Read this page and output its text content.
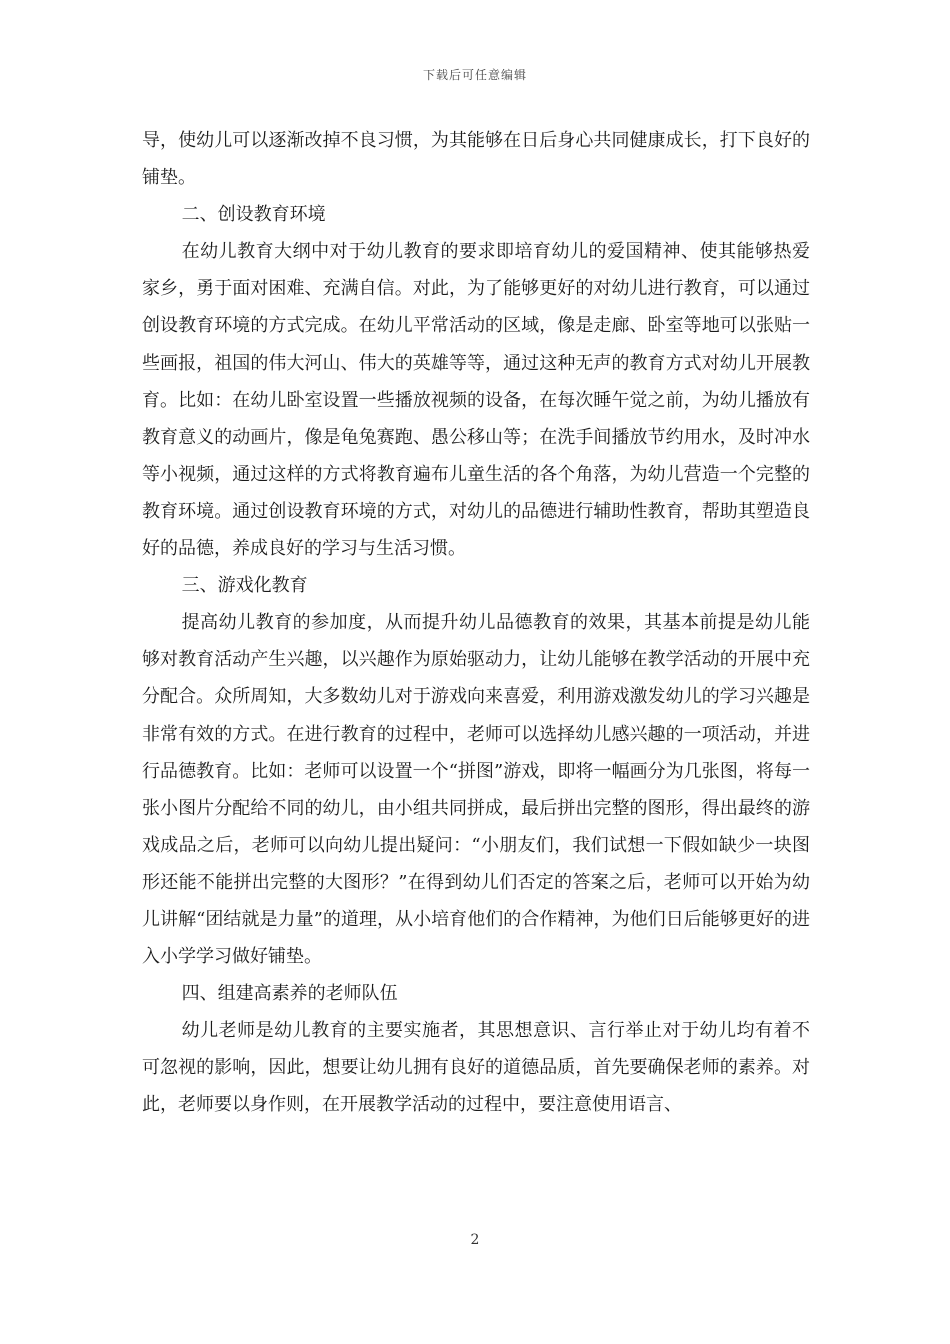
下载后可任意编辑

导，使幼儿可以逐渐改掉不良习惯，为其能够在日后身心共同健康成长，打下良好的铺垫。

二、创设教育环境

在幼儿教育大纲中对于幼儿教育的要求即培育幼儿的爱国精神、使其能够热爱家乡，勇于面对困难、充满自信。对此，为了能够更好的对幼儿进行教育，可以通过创设教育环境的方式完成。在幼儿平常活动的区域，像是走廊、卧室等地可以张贴一些画报，祖国的伟大河山、伟大的英雄等等，通过这种无声的教育方式对幼儿开展教育。比如：在幼儿卧室设置一些播放视频的设备，在每次睡午觉之前，为幼儿播放有教育意义的动画片，像是龟兔赛跑、愚公移山等；在洗手间播放节约用水，及时冲水等小视频，通过这样的方式将教育遍布儿童生活的各个角落，为幼儿营造一个完整的教育环境。通过创设教育环境的方式，对幼儿的品德进行辅助性教育，帮助其塑造良好的品德，养成良好的学习与生活习惯。

三、游戏化教育

提高幼儿教育的参加度，从而提升幼儿品德教育的效果，其基本前提是幼儿能够对教育活动产生兴趣，以兴趣作为原始驱动力，让幼儿能够在教学活动的开展中充分配合。众所周知，大多数幼儿对于游戏向来喜爱，利用游戏激发幼儿的学习兴趣是非常有效的方式。在进行教育的过程中，老师可以选择幼儿感兴趣的一项活动，并进行品德教育。比如：老师可以设置一个“拼图”游戏，即将一幅画分为几张图，将每一张小图片分配给不同的幼儿，由小组共同拼成，最后拼出完整的图形，得出最终的游戏成品之后，老师可以向幼儿提出疑问：“小朋友们，我们试想一下假如缺少一块图形还能不能拼出完整的大图形？”在得到幼儿们否定的答案之后，老师可以开始为幼儿讲解“团结就是力量”的道理，从小培育他们的合作精神，为他们日后能够更好的进入小学学习做好铺垫。

四、组建高素养的老师队伍

幼儿老师是幼儿教育的主要实施者，其思想意识、言行举止对于幼儿均有着不可忽视的影响，因此，想要让幼儿拥有良好的道德品质，首先要确保老师的素养。对此，老师要以身作则，在开展教学活动的过程中，要注意使用语言、

2
